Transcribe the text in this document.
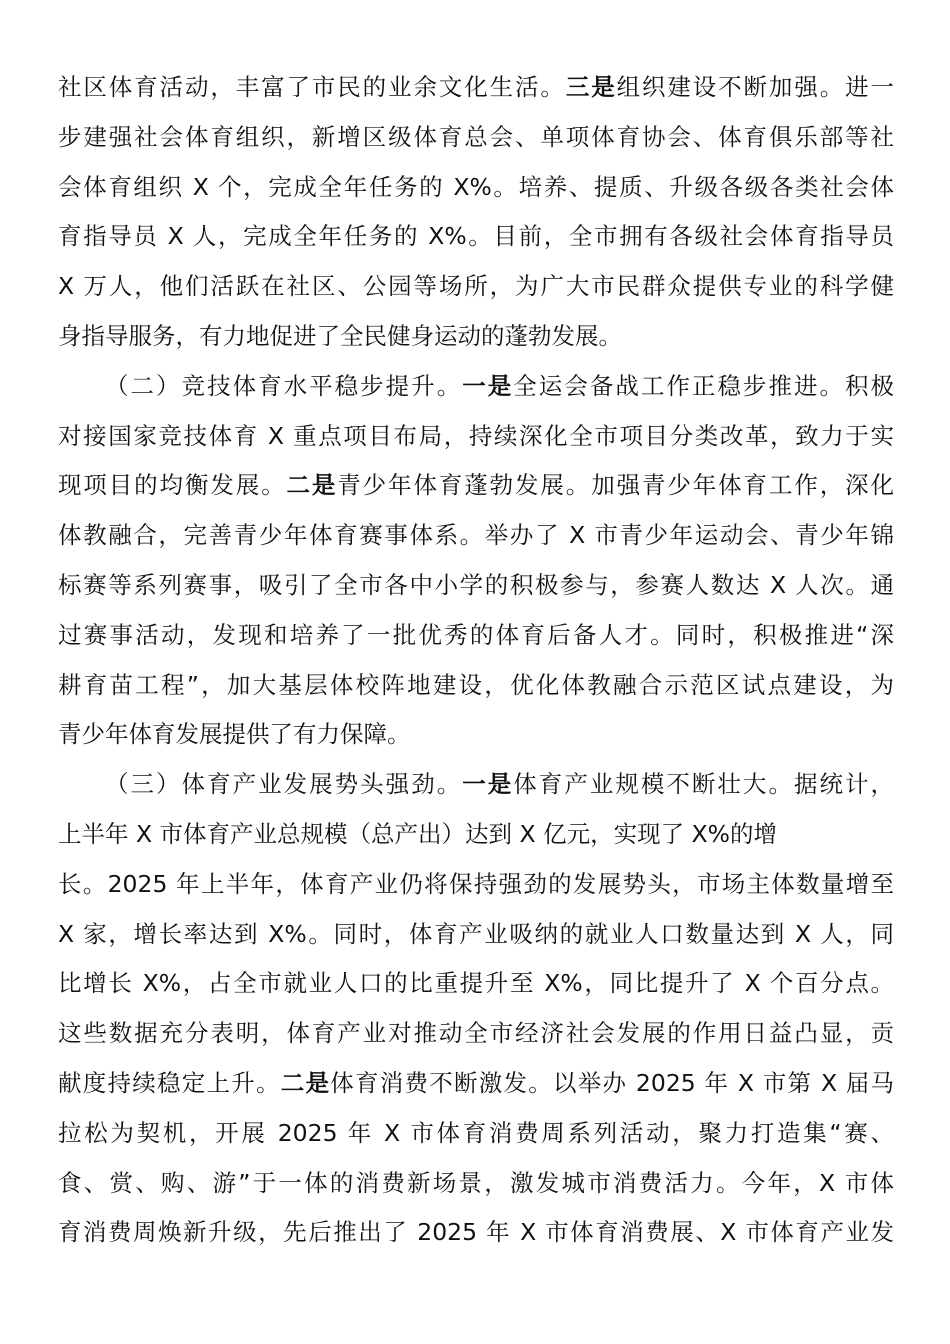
社区体育活动，丰富了市民的业余文化生活。三是组织建设不断加强。进一
步建强社会体育组织，新增区级体育总会、单项体育协会、体育俱乐部等社
会体育组织 X 个，完成全年任务的 X%。培养、提质、升级各级各类社会体
育指导员 X 人，完成全年任务的 X%。目前，全市拥有各级社会体育指导员
X 万人，他们活跃在社区、公园等场所，为广大市民群众提供专业的科学健
身指导服务，有力地促进了全民健身运动的蓬勃发展。
（二）竞技体育水平稳步提升。一是全运会备战工作正稳步推进。积极
对接国家竞技体育 X 重点项目布局，持续深化全市项目分类改革，致力于实
现项目的均衡发展。二是青少年体育蓬勃发展。加强青少年体育工作，深化
体教融合，完善青少年体育赛事体系。举办了 X 市青少年运动会、青少年锦
标赛等系列赛事，吸引了全市各中小学的积极参与，参赛人数达 X 人次。通
过赛事活动，发现和培养了一批优秀的体育后备人才。同时，积极推进“深
耕育苗工程”，加大基层体校阵地建设，优化体教融合示范区试点建设，为
青少年体育发展提供了有力保障。
（三）体育产业发展势头强劲。一是体育产业规模不断壮大。据统计，
上半年 X 市体育产业总规模（总产出）达到 X 亿元，实现了 X%的增
长。2025 年上半年，体育产业仍将保持强劲的发展势头，市场主体数量增至
X 家，增长率达到 X%。同时，体育产业吸纳的就业人口数量达到 X 人，同
比增长 X%，占全市就业人口的比重提升至 X%，同比提升了 X 个百分点。
这些数据充分表明，体育产业对推动全市经济社会发展的作用日益凸显，贡
献度持续稳定上升。二是体育消费不断激发。以举办 2025 年 X 市第 X 届马
拉松为契机，开展 2025 年 X 市体育消费周系列活动，聚力打造集“赛、
食、赏、购、游”于一体的消费新场景，激发城市消费活力。今年，X 市体
育消费周焕新升级，先后推出了 2025 年 X 市体育消费展、X 市体育产业发
